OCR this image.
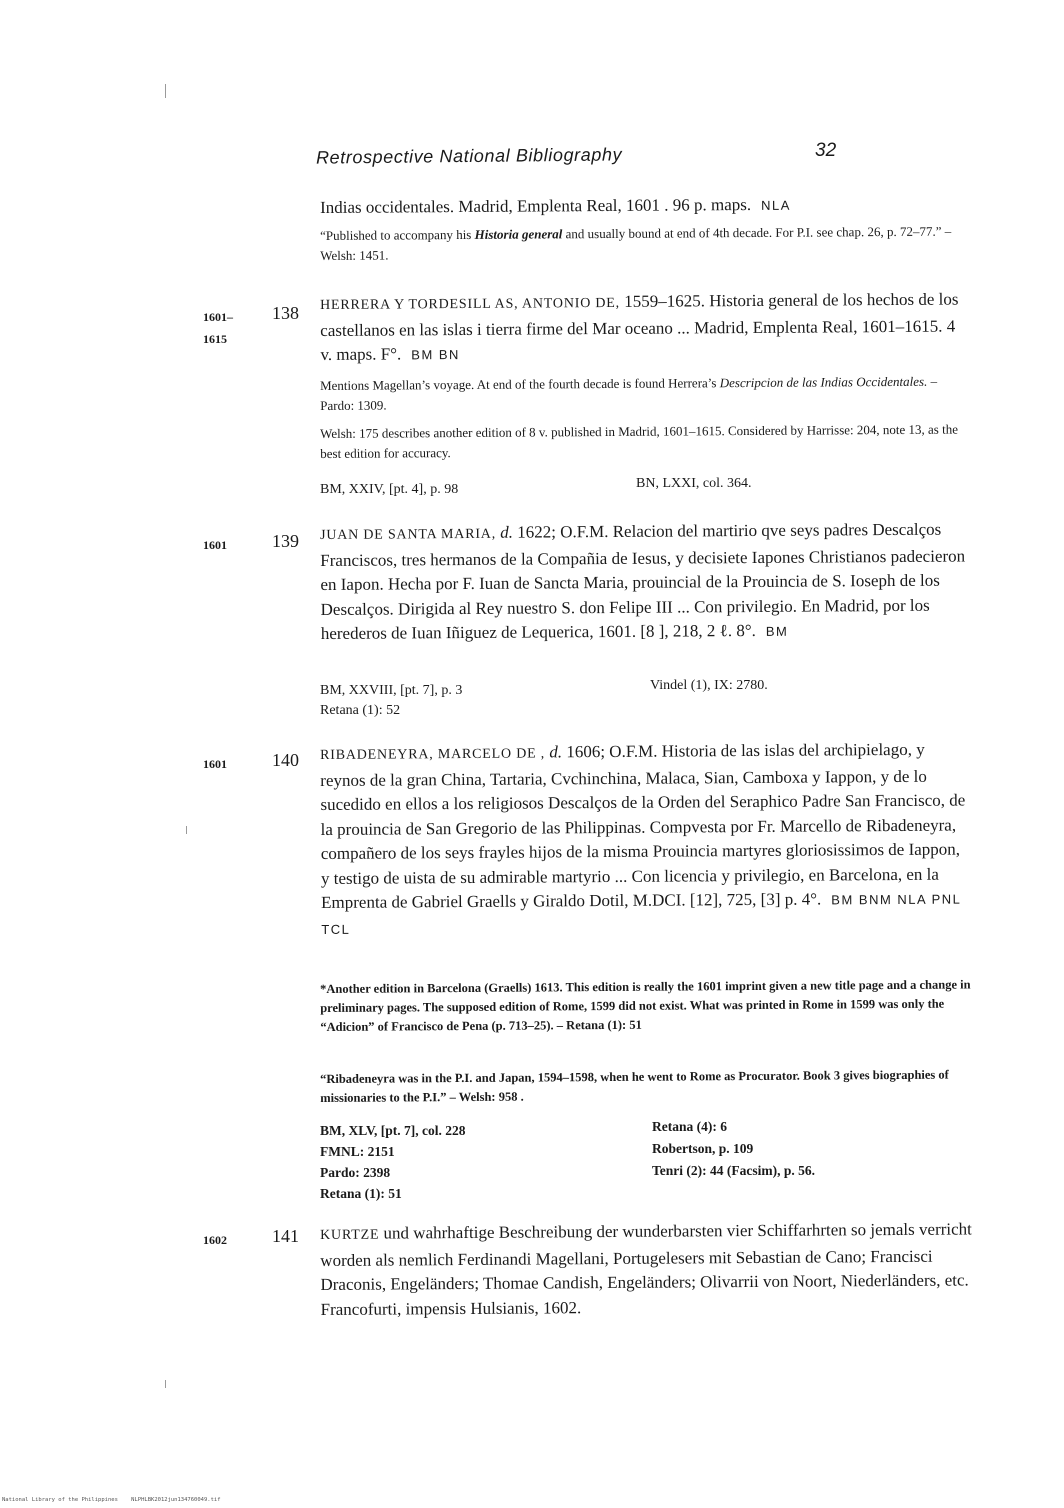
Retrospective National Bibliography	32
Indias occidentales. Madrid, Emplenta Real, 1601 . 96 p. maps. NLA
“Published to accompany his Historia general and usually bound at end of 4th decade. For P.I. see chap. 26, p. 72–77.” – Welsh: 1451.
1601–
1615
138 HERRERA Y TORDESILL AS, ANTONIO DE, 1559–1625. Historia general de los hechos de los castellanos en las islas i tierra firme del Mar oceano ... Madrid, Emplenta Real, 1601–1615. 4 v. maps. F°. BM BN
Mentions Magellan’s voyage. At end of the fourth decade is found Herrera’s Descripcion de las Indias Occidentales. – Pardo: 1309.
Welsh: 175 describes another edition of 8 v. published in Madrid, 1601–1615. Considered by Harrisse: 204, note 13, as the best edition for accuracy.
BM, XXIV, [pt. 4], p. 98	BN, LXXI, col. 364.
1601	139 JUAN DE SANTA MARIA, d. 1622; O.F.M. Relacion del martirio qve seys padres Descalços Franciscos, tres hermanos de la Compañia de Iesus, y decisiete Iapones Christianos padecieron en Iapon. Hecha por F. Iuan de Sancta Maria, prouincial de la Prouincia de S. Ioseph de los Descalços. Dirigida al Rey nuestro S. don Felipe III ... Con privilegio. En Madrid, por los herederos de Iuan Iñiguez de Lequerica, 1601. [8 ], 218, 2 ℓ. 8°. BM
BM, XXVIII, [pt. 7], p. 3
Retana (1): 52
Vindel (1), IX: 2780.
1601	140 RIBADENEYRA, MARCELO DE , d. 1606; O.F.M. Historia de las islas del archipielago, y reynos de la gran China, Tartaria, Cvchinchina, Malaca, Sian, Camboxa y Iappon, y de lo sucedido en ellos a los religiosos Descalços de la Orden del Seraphico Padre San Francisco, de la prouincia de San Gregorio de las Philippinas. Compvesta por Fr. Marcello de Ribadeneyra, compañero de los seys frayles hijos de la misma Prouincia martyres gloriosissimos de Iappon, y testigo de uista de su admirable martyrio ... Con licencia y privilegio, en Barcelona, en la Emprenta de Gabriel Graells y Giraldo Dotil, M.DCI. [12], 725, [3] p. 4°. BM BNM NLA PNL TCL
*Another edition in Barcelona (Graells) 1613. This edition is really the 1601 imprint given a new title page and a change in preliminary pages. The supposed edition of Rome, 1599 did not exist. What was printed in Rome in 1599 was only the “Adicion” of Francisco de Pena (p. 713–25). – Retana (1): 51
“Ribadeneyra was in the P.I. and Japan, 1594–1598, when he went to Rome as Procurator. Book 3 gives biographies of missionaries to the P.I.” – Welsh: 958 .
BM, XLV, [pt. 7], col. 228
FMNL: 2151
Pardo: 2398
Retana (1): 51
Retana (4): 6
Robertson, p. 109
Tenri (2): 44 (Facsim), p. 56.
1602	141 KURTZE und wahrhaftige Beschreibung der wunderbarsten vier Schiffarhrten so jemals verricht worden als nemlich Ferdinandi Magellani, Portugelesers mit Sebastian de Cano; Francisci Draconis, Engeländers; Thomae Candish, Engeländers; Olivarrii von Noort, Niederländers, etc. Francofurti, impensis Hulsianis, 1602.
National Library of the Philippines    NLPHLBK2012jun134760049.tif
